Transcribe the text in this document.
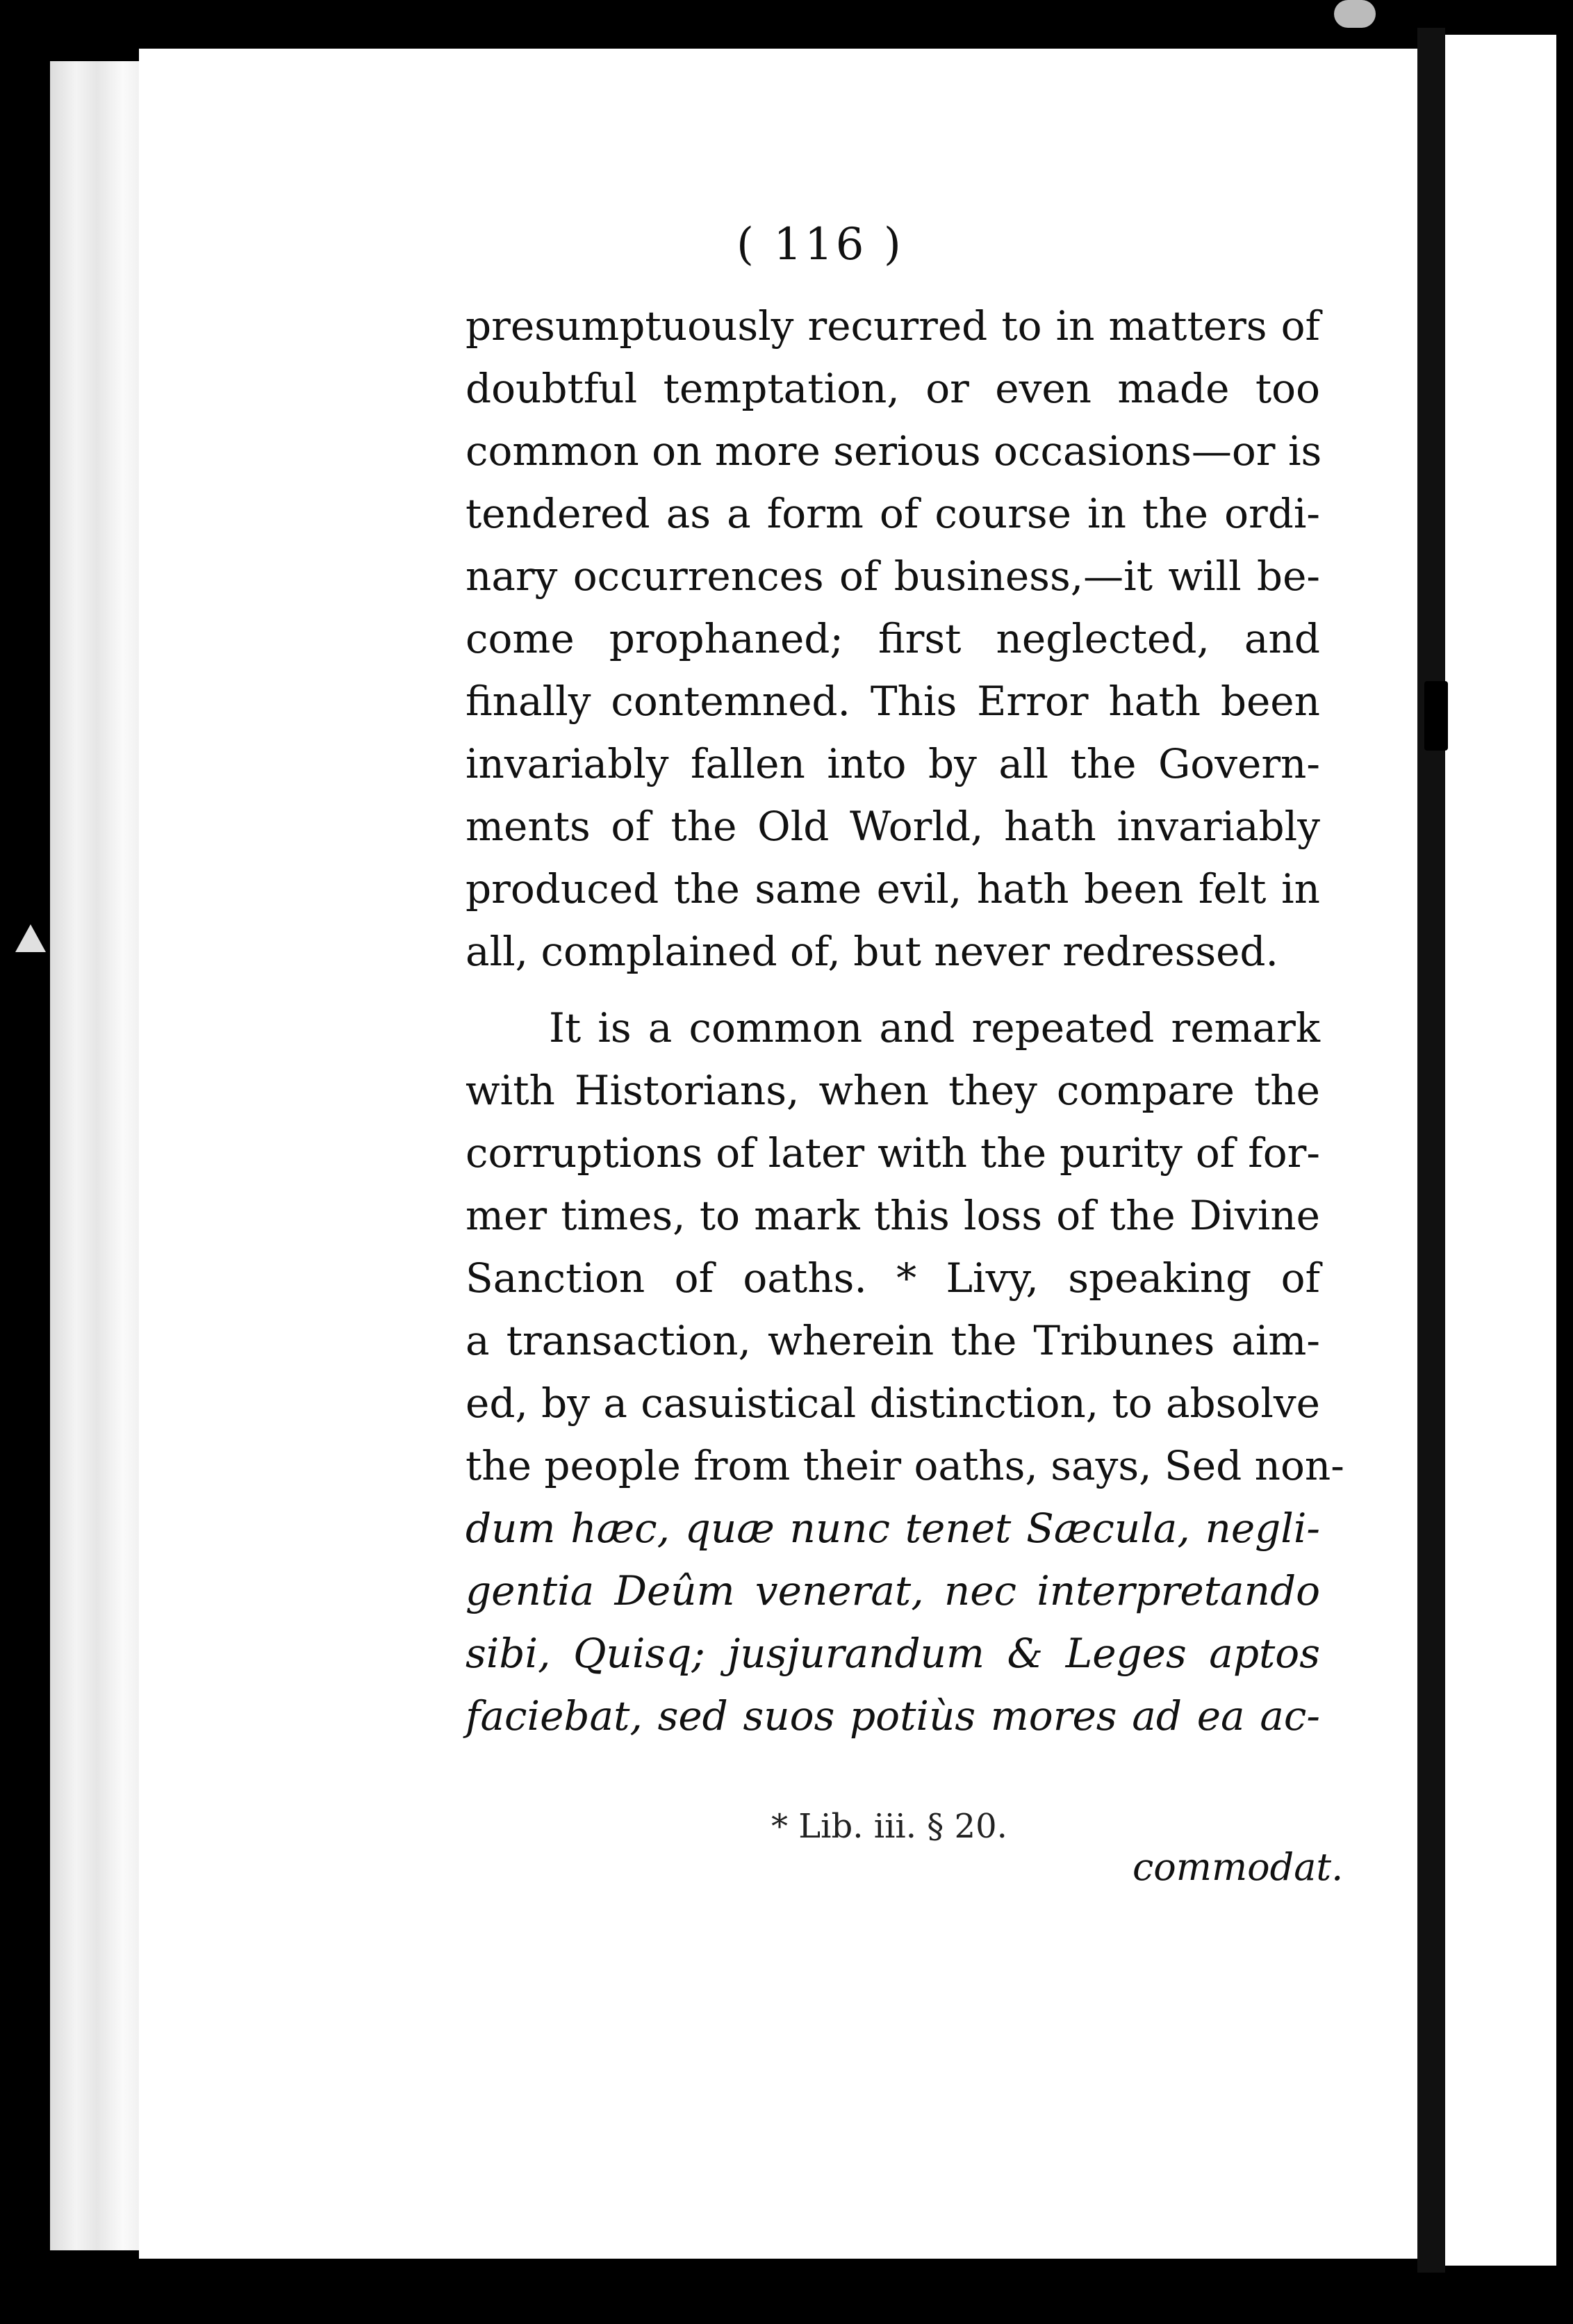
( 116 )
presumptuously recurred to in matters of
doubtful temptation, or even made too
common on more serious occasions—or is
tendered as a form of course in the ordi-
nary occurrences of business,—it will be-
come prophaned; first neglected, and
finally contemned. This Error hath been
invariably fallen into by all the Govern-
ments of the Old World, hath invariably
produced the same evil, hath been felt in
all, complained of, but never redressed.
It is a common and repeated remark
with Historians, when they compare the
corruptions of later with the purity of for-
mer times, to mark this loss of the Divine
Sanction of oaths. * Livy, speaking of
a transaction, wherein the Tribunes aim-
ed, by a casuistical distinction, to absolve
the people from their oaths, says, Sed non-
dum hæc, quæ nunc tenet Sæcula, negli-
gentia Deûm venerat, nec interpretando
sibi, Quisq; jusjurandum & Leges aptos
faciebat, sed suos potiùs mores ad ea ac-
* Lib. iii. § 20.
commodat.
